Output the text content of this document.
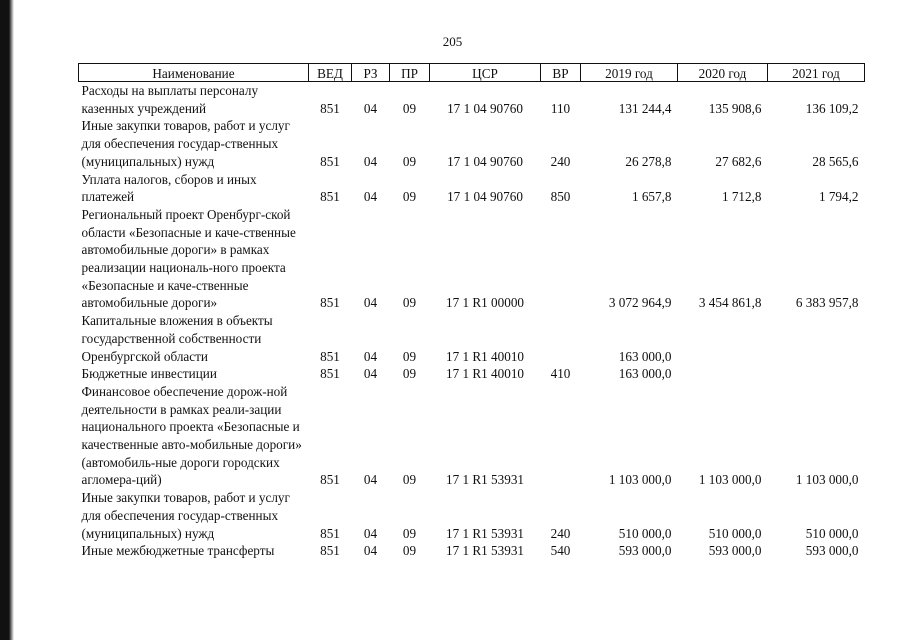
205
Наименование	ВЕД	РЗ	ПР	ЦСР	ВР	2019 год	2020 год	2021 год
Расходы на выплаты персоналу казенных учреждений	851	04	09	17 1 04 90760	110	131 244,4	135 908,6	136 109,2
Иные закупки товаров, работ и услуг для обеспечения государ-ственных (муниципальных) нужд	851	04	09	17 1 04 90760	240	26 278,8	27 682,6	28 565,6
Уплата налогов, сборов и иных платежей	851	04	09	17 1 04 90760	850	1 657,8	1 712,8	1 794,2
Региональный проект Оренбург-ской области «Безопасные и каче-ственные автомобильные дороги» в рамках реализации националь-ного проекта «Безопасные и каче-ственные автомобильные дороги»	851	04	09	17 1 R1 00000		3 072 964,9	3 454 861,8	6 383 957,8
Капитальные вложения в объекты государственной собственности Оренбургской области	851	04	09	17 1 R1 40010		163 000,0		
Бюджетные инвестиции	851	04	09	17 1 R1 40010	410	163 000,0		
Финансовое обеспечение дорож-ной деятельности в рамках реали-зации национального проекта «Безопасные и качественные авто-мобильные дороги» (автомобиль-ные дороги городских агломера-ций)	851	04	09	17 1 R1 53931		1 103 000,0	1 103 000,0	1 103 000,0
Иные закупки товаров, работ и услуг для обеспечения государ-ственных (муниципальных) нужд	851	04	09	17 1 R1 53931	240	510 000,0	510 000,0	510 000,0
Иные межбюджетные трансферты	851	04	09	17 1 R1 53931	540	593 000,0	593 000,0	593 000,0
